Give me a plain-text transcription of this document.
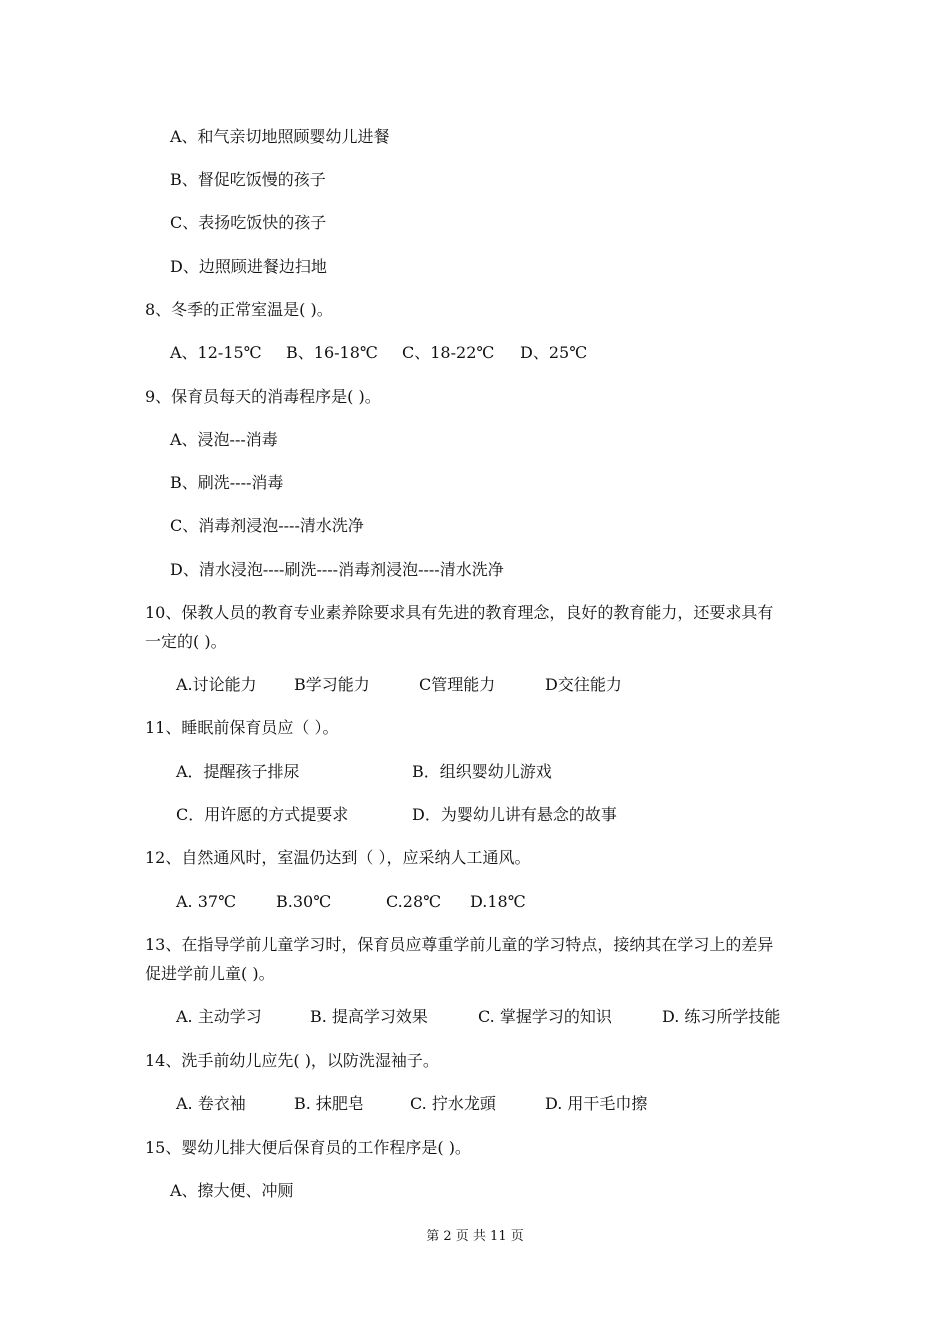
A、和气亲切地照顾婴幼儿进餐
B、督促吃饭慢的孩子
C、表扬吃饭快的孩子
D、边照顾进餐边扫地
8、冬季的正常室温是( )。
A、12-15℃ B、16-18℃ C、18-22℃ D、25℃
9、保育员每天的消毒程序是( )。
A、浸泡---消毒
B、刷洗----消毒
C、消毒剂浸泡----清水洗净
D、清水浸泡----刷洗----消毒剂浸泡----清水洗净
10、保教人员的教育专业素养除要求具有先进的教育理念，良好的教育能力，还要求具有
一定的( )。
A.讨论能力 B学习能力	C管理能力	D交往能力
11、睡眠前保育员应（ ）。
A．提醒孩子排尿	B．组织婴幼儿游戏
C．用许愿的方式提要求	D．为婴幼儿讲有悬念的故事
12、自然通风时，室温仍达到（ ），应采纳人工通风。
A. 37℃	B.30℃	C.28℃ D.18℃
13、在指导学前儿童学习时，保育员应尊重学前儿童的学习特点，接纳其在学习上的差异
促进学前儿童( )。
A. 主动学习	B. 提高学习效果	C. 掌握学习的知识	D. 练习所学技能
14、洗手前幼儿应先( )，以防洗湿袖子。
A. 卷衣袖	B. 抹肥皂	C. 拧水龙頭	D. 用干毛巾擦
15、婴幼儿排大便后保育员的工作程序是( )。
A、擦大便、冲厕
第 2 页 共 11 页
